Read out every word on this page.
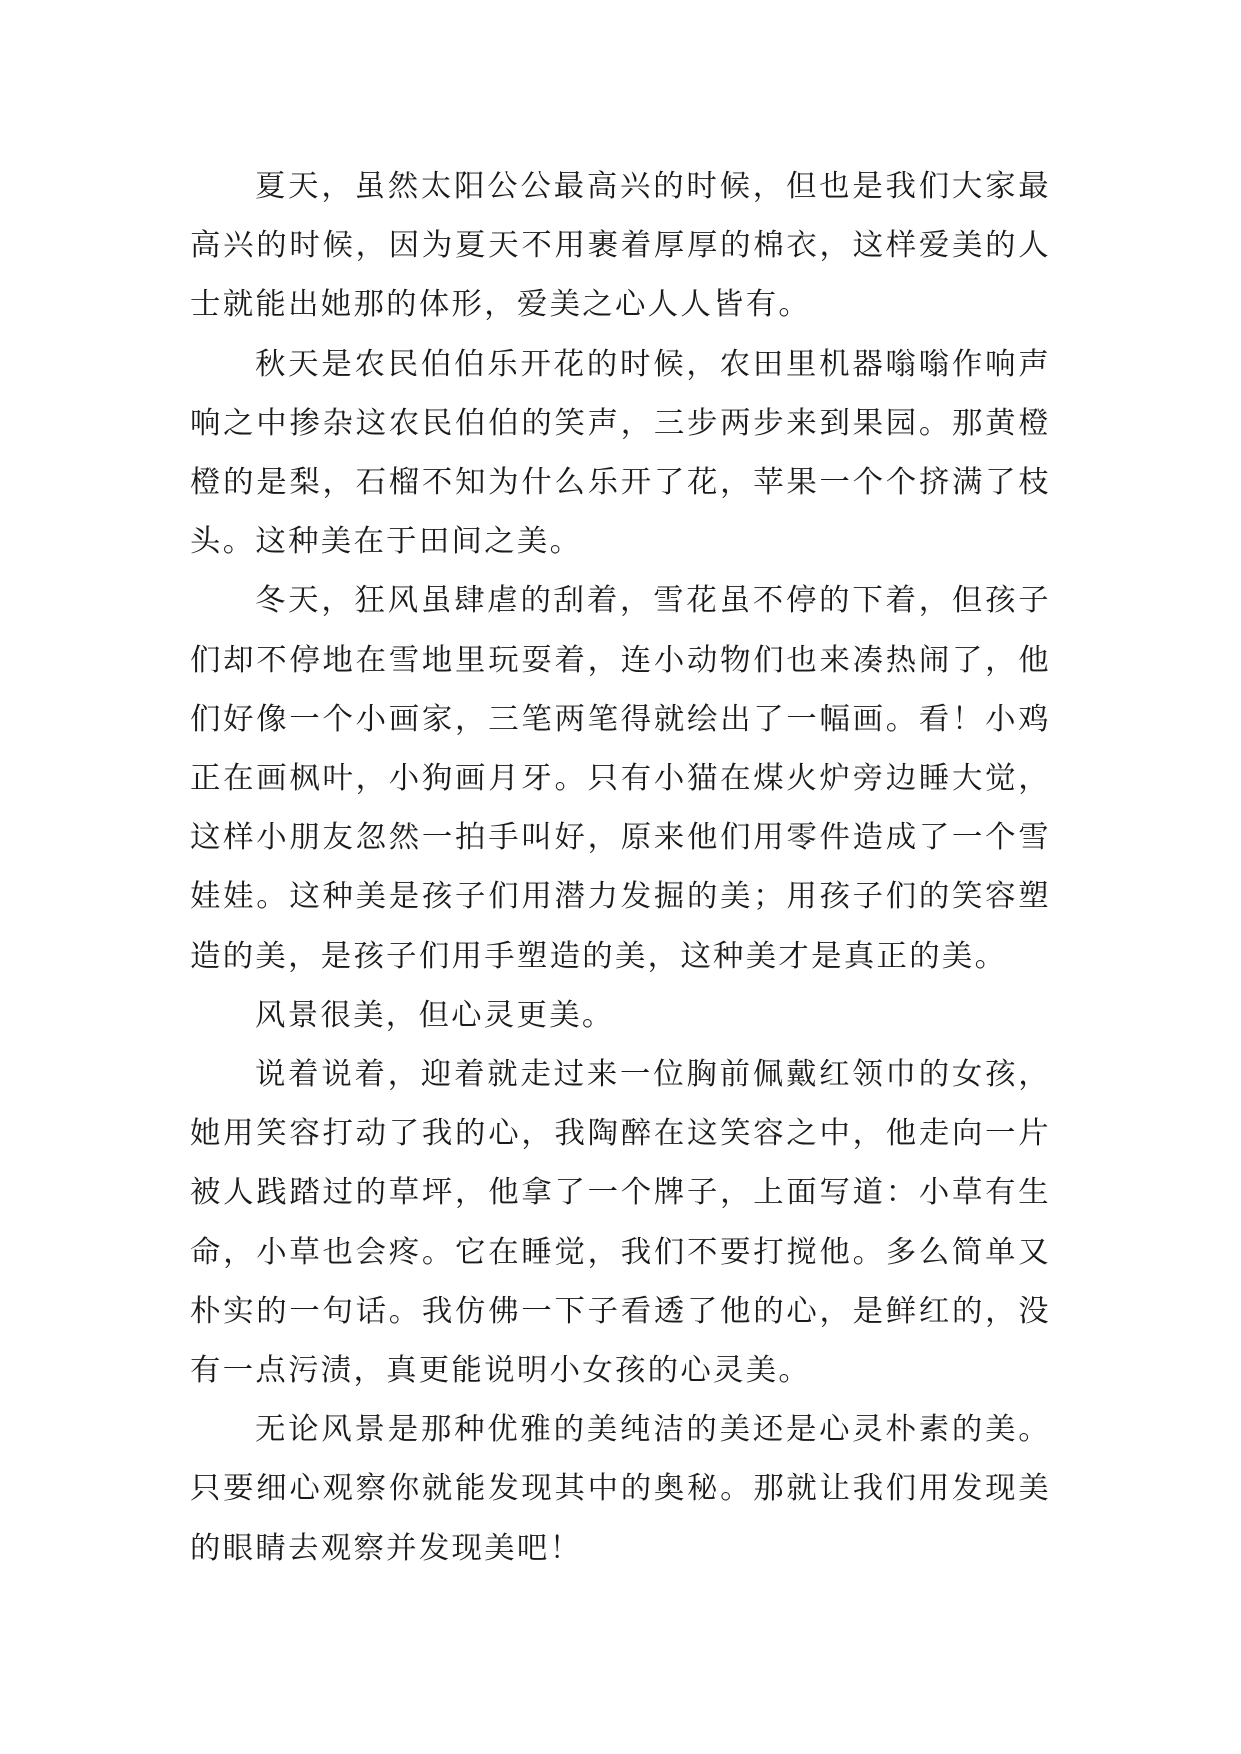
夏天，虽然太阳公公最高兴的时候，但也是我们大家最高兴的时候，因为夏天不用裹着厚厚的棉衣，这样爱美的人士就能出她那的体形，爱美之心人人皆有。

秋天是农民伯伯乐开花的时候，农田里机器嗡嗡作响声响之中掺杂这农民伯伯的笑声，三步两步来到果园。那黄橙橙的是梨，石榴不知为什么乐开了花，苹果一个个挤满了枝头。这种美在于田间之美。

冬天，狂风虽肆虐的刮着，雪花虽不停的下着，但孩子们却不停地在雪地里玩耍着，连小动物们也来凑热闹了，他们好像一个小画家，三笔两笔得就绘出了一幅画。看！小鸡正在画枫叶，小狗画月牙。只有小猫在煤火炉旁边睡大觉，这样小朋友忽然一拍手叫好，原来他们用零件造成了一个雪娃娃。这种美是孩子们用潜力发掘的美；用孩子们的笑容塑造的美，是孩子们用手塑造的美，这种美才是真正的美。

风景很美，但心灵更美。

说着说着，迎着就走过来一位胸前佩戴红领巾的女孩，她用笑容打动了我的心，我陶醉在这笑容之中，他走向一片被人践踏过的草坪，他拿了一个牌子，上面写道：小草有生命，小草也会疼。它在睡觉，我们不要打搅他。多么简单又朴实的一句话。我仿佛一下子看透了他的心，是鲜红的，没有一点污渍，真更能说明小女孩的心灵美。

无论风景是那种优雅的美纯洁的美还是心灵朴素的美。只要细心观察你就能发现其中的奥秘。那就让我们用发现美的眼睛去观察并发现美吧！
